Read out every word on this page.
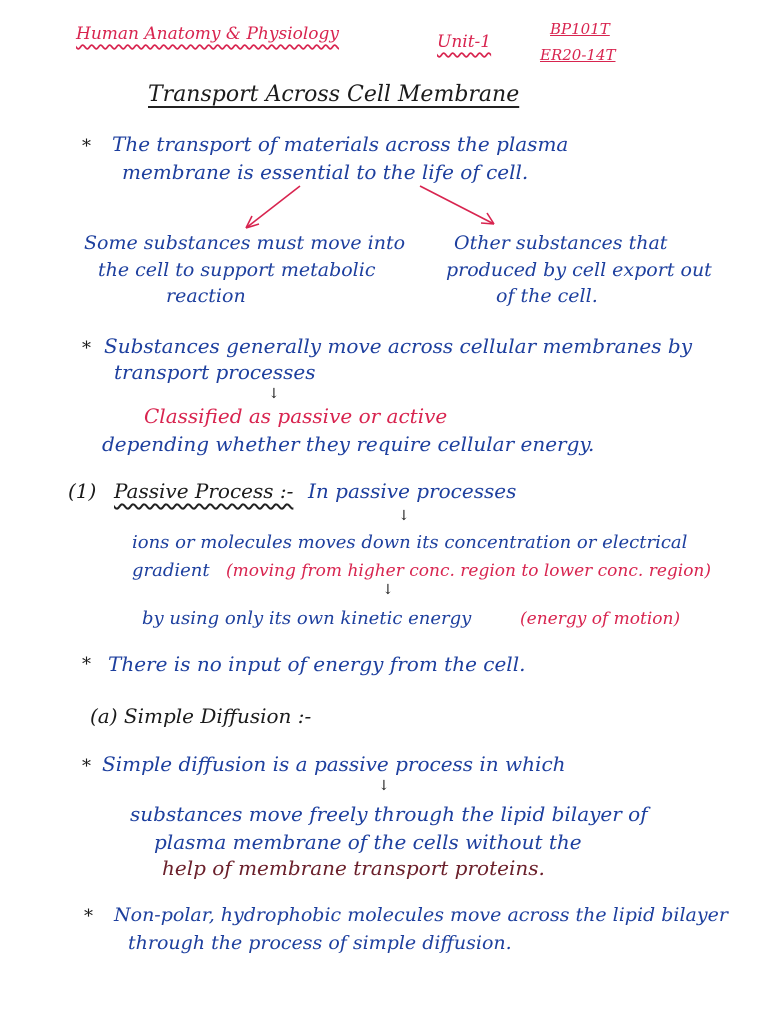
Human Anatomy & Physiology	Unit-1
BP101T
ER20-14T
Transport Across Cell Membrane
* The transport of materials across the plasma
membrane is essential to the life of cell.
Some substances must move into
the cell to support metabolic
reaction
Other substances that
produced by cell export out
of the cell.
* Substances generally move across cellular membranes by
transport processes
↓
Classified as passive or active
depending whether they require cellular energy.
(1) Passive Process :- In passive processes
↓
ions or molecules moves down its concentration or electrical
gradient (moving from higher conc. region to lower conc. region)
↓
by using only its own kinetic energy	(energy of motion)
* There is no input of energy from the cell.
(a) Simple Diffusion :-
* Simple diffusion is a passive process in which
↓
substances move freely through the lipid bilayer of
plasma membrane of the cells without the
help of membrane transport proteins.
* Non-polar, hydrophobic molecules move across the lipid bilayer
through the process of simple diffusion.
